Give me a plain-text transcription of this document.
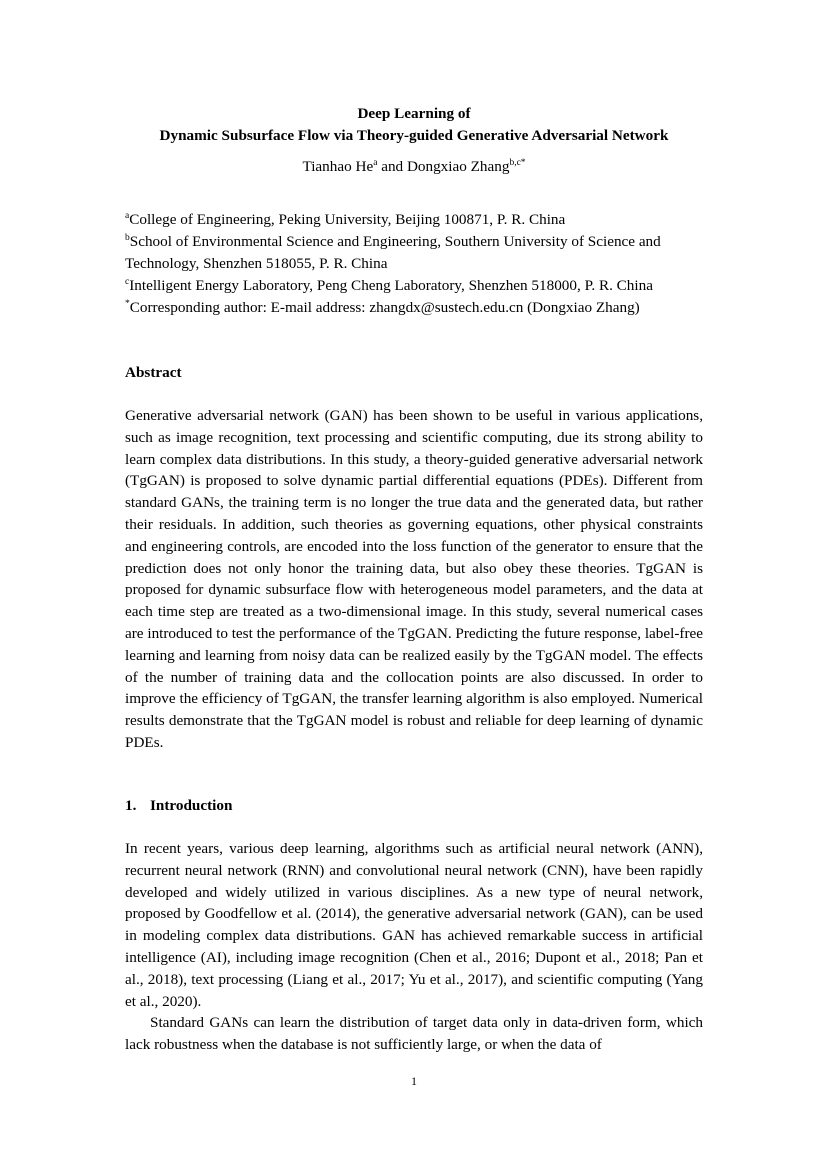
Deep Learning of
Dynamic Subsurface Flow via Theory-guided Generative Adversarial Network
Tianhao He$^a$ and Dongxiao Zhang$^{b,c*}$
$^a$College of Engineering, Peking University, Beijing 100871, P. R. China
$^b$School of Environmental Science and Engineering, Southern University of Science and Technology, Shenzhen 518055, P. R. China
$^c$Intelligent Energy Laboratory, Peng Cheng Laboratory, Shenzhen 518000, P. R. China
*Corresponding author: E-mail address: zhangdx@sustech.edu.cn (Dongxiao Zhang)
Abstract
Generative adversarial network (GAN) has been shown to be useful in various applications, such as image recognition, text processing and scientific computing, due its strong ability to learn complex data distributions. In this study, a theory-guided generative adversarial network (TgGAN) is proposed to solve dynamic partial differential equations (PDEs). Different from standard GANs, the training term is no longer the true data and the generated data, but rather their residuals. In addition, such theories as governing equations, other physical constraints and engineering controls, are encoded into the loss function of the generator to ensure that the prediction does not only honor the training data, but also obey these theories. TgGAN is proposed for dynamic subsurface flow with heterogeneous model parameters, and the data at each time step are treated as a two-dimensional image. In this study, several numerical cases are introduced to test the performance of the TgGAN. Predicting the future response, label-free learning and learning from noisy data can be realized easily by the TgGAN model. The effects of the number of training data and the collocation points are also discussed. In order to improve the efficiency of TgGAN, the transfer learning algorithm is also employed. Numerical results demonstrate that the TgGAN model is robust and reliable for deep learning of dynamic PDEs.
1. Introduction
In recent years, various deep learning, algorithms such as artificial neural network (ANN), recurrent neural network (RNN) and convolutional neural network (CNN), have been rapidly developed and widely utilized in various disciplines. As a new type of neural network, proposed by Goodfellow et al. (2014), the generative adversarial network (GAN), can be used in modeling complex data distributions. GAN has achieved remarkable success in artificial intelligence (AI), including image recognition (Chen et al., 2016; Dupont et al., 2018; Pan et al., 2018), text processing (Liang et al., 2017; Yu et al., 2017), and scientific computing (Yang et al., 2020).
Standard GANs can learn the distribution of target data only in data-driven form, which lack robustness when the database is not sufficiently large, or when the data of
1
